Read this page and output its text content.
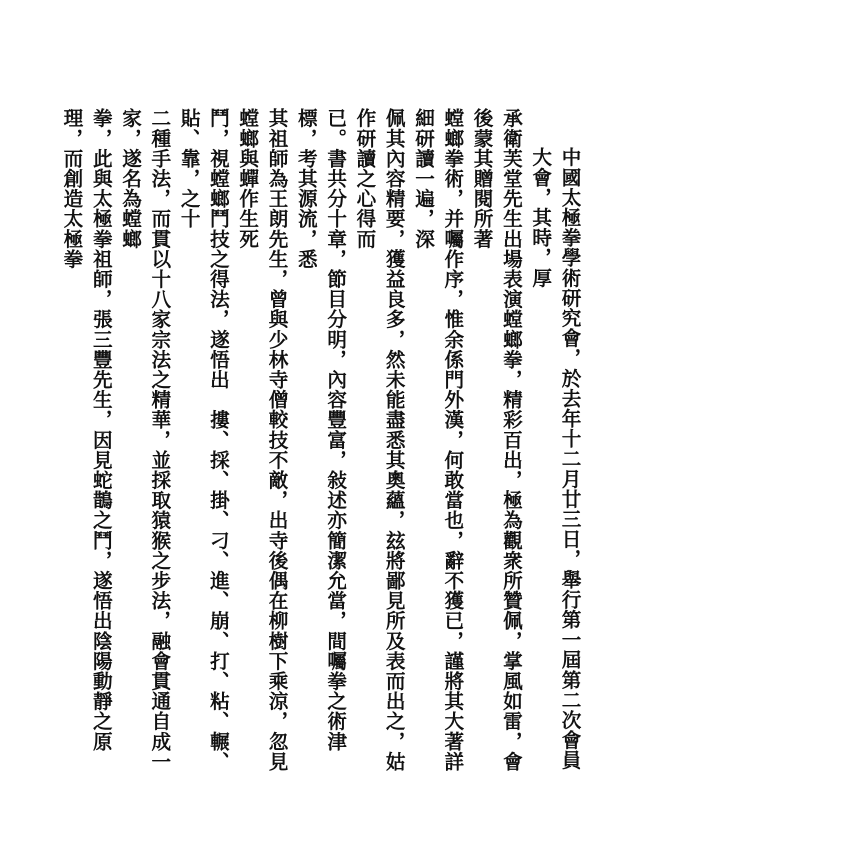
中國太極拳學術研究會，於去年十二月廿三日，舉行第一屆第二次會員大會，其時，厚

承衛芙堂先生出場表演螳螂拳，精彩百出，極為觀衆所贊佩，掌風如雷，會後蒙其贈閱所著

螳螂拳術，并囑作序，惟余係門外漢，何敢當也，辭不獲已，謹將其大著詳細研讀一遍，深

佩其內容精要，獲益良多，然未能盡悉其奧蘊，玆將鄙見所及表而出之，姑作研讀之心得而

已。書共分十章，節目分明，內容豐富，敍述亦簡潔允當，間囑拳之術津標，考其源流，悉

其祖師為王朗先生，曾與少林寺僧較技不敵，出寺後偶在柳樹下乘涼，忽見螳螂與蟬作生死

鬥，視螳螂鬥技之得法，遂悟出　摟、採、掛、刁、進、崩、打、粘、輾、貼、靠，之十

二種手法，而貫以十八家宗法之精華，並採取猿猴之步法，融會貫通自成一家，遂名為螳螂

拳，此與太極拳祖師，張三豐先生，因見蛇鵲之鬥，遂悟出陰陽動靜之原理，而創造太極拳
